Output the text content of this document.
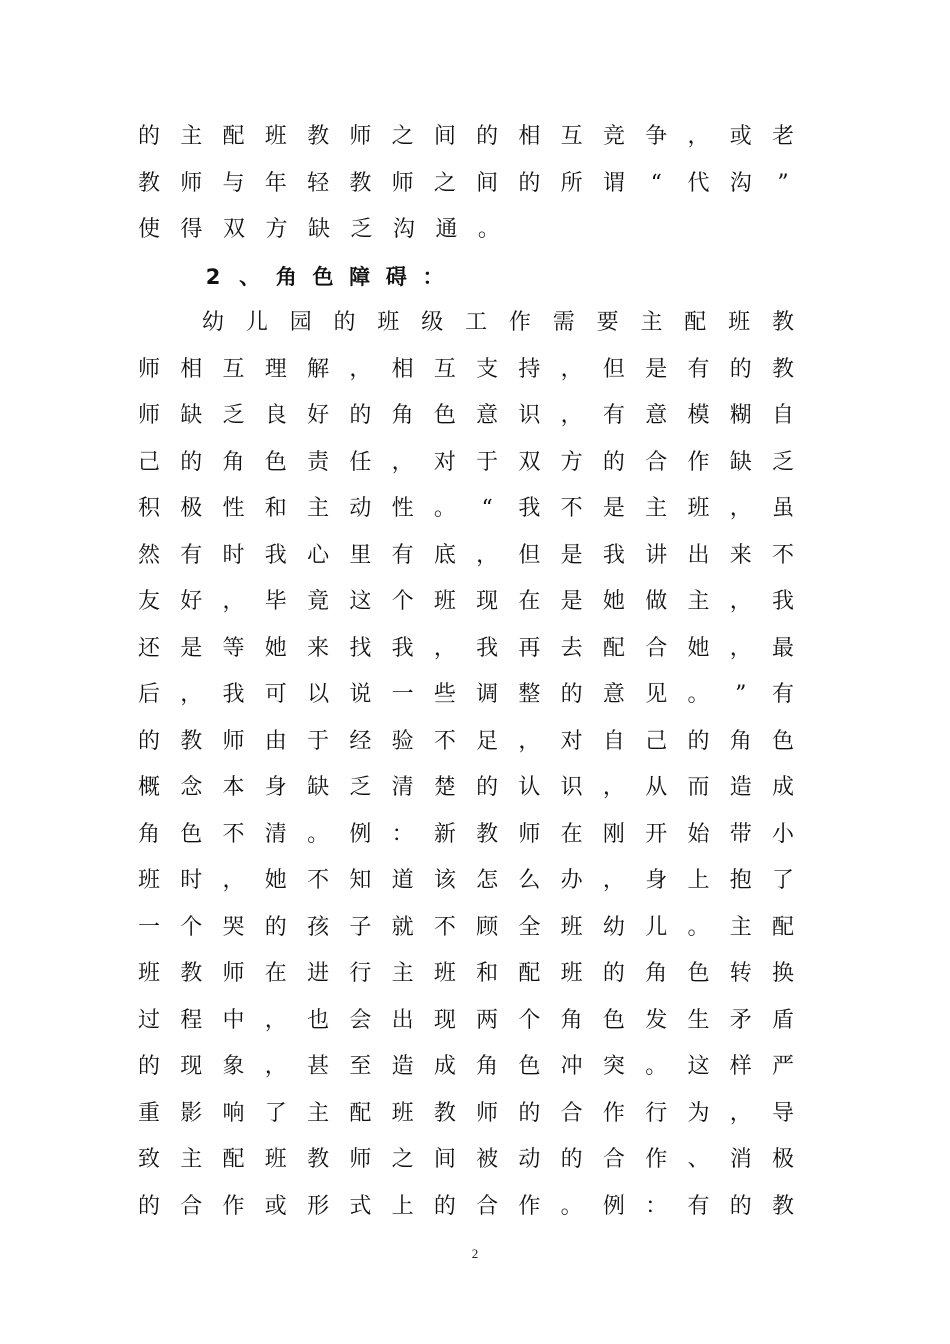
的 主 配 班 教 师 之 间 的 相 互 竞 争 ， 或 老
教 师 与 年 轻 教 师 之 间 的 所 谓 “ 代 沟 ”
使 得 双 方 缺 乏 沟 通 。
2 、 角 色 障 碍 ：
幼 儿 园 的 班 级 工 作 需 要 主 配 班 教
师 相 互 理 解 ， 相 互 支 持 ， 但 是 有 的 教
师 缺 乏 良 好 的 角 色 意 识 ， 有 意 模 糊 自
己 的 角 色 责 任 ， 对 于 双 方 的 合 作 缺 乏
积 极 性 和 主 动 性 。 “ 我 不 是 主 班 ， 虽
然 有 时 我 心 里 有 底 ， 但 是 我 讲 出 来 不
友 好 ， 毕 竟 这 个 班 现 在 是 她 做 主 ， 我
还 是 等 她 来 找 我 ， 我 再 去 配 合 她 ， 最
后 ， 我 可 以 说 一 些 调 整 的 意 见 。 ” 有
的 教 师 由 于 经 验 不 足 ， 对 自 己 的 角 色
概 念 本 身 缺 乏 清 楚 的 认 识 ， 从 而 造 成
角 色 不 清 。 例 ： 新 教 师 在 刚 开 始 带 小
班 时 ， 她 不 知 道 该 怎 么 办 ， 身 上 抱 了
一 个 哭 的 孩 子 就 不 顾 全 班 幼 儿 。 主 配
班 教 师 在 进 行 主 班 和 配 班 的 角 色 转 换
过 程 中 ， 也 会 出 现 两 个 角 色 发 生 矛 盾
的 现 象 ， 甚 至 造 成 角 色 冲 突 。 这 样 严
重 影 响 了 主 配 班 教 师 的 合 作 行 为 ， 导
致 主 配 班 教 师 之 间 被 动 的 合 作 、 消 极
的 合 作 或 形 式 上 的 合 作 。 例 ： 有 的 教
2
